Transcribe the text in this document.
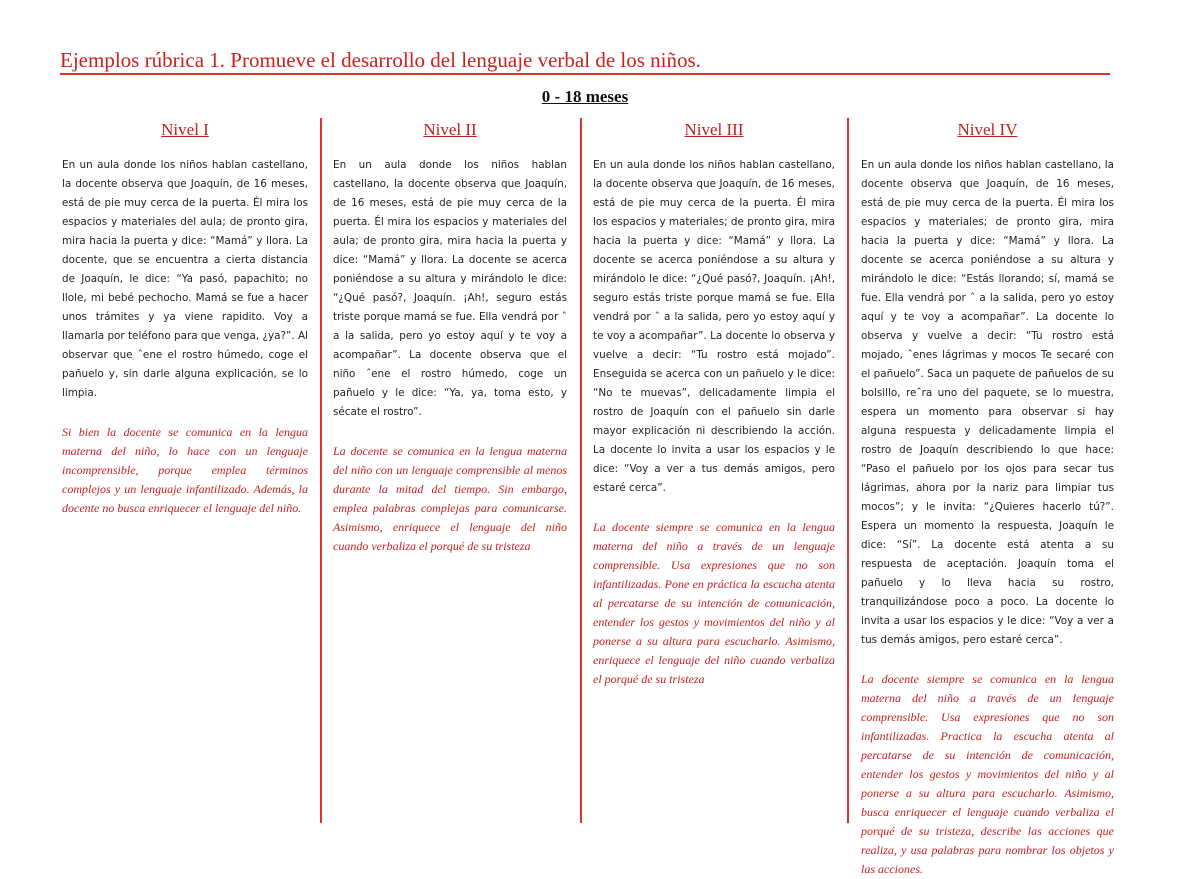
Ejemplos rúbrica 1. Promueve el desarrollo del lenguaje verbal de los niños.
0 - 18 meses
Nivel I

En un aula donde los niños hablan castellano, la docente observa que Joaquín, de 16 meses, está de pie muy cerca de la puerta. Él mira los espacios y materiales del aula; de pronto gira, mira hacia la puerta y dice: “Mamá” y llora. La docente, que se encuentra a cierta distancia de Joaquín, le dice: “Ya pasó, papachito; no llole, mi bebé pechocho. Mamá se fue a hacer unos trámites y ya viene rapidito. Voy a llamarla por teléfono para que venga, ¿ya?”. Al observar que ˆene el rostro húmedo, coge el pañuelo y, sin darle alguna explicación, se lo limpia.

Si bien la docente se comunica en la lengua materna del niño, lo hace con un lenguaje incomprensible, porque emplea términos complejos y un lenguaje infantilizado. Además, la docente no busca enriquecer el lenguaje del niño.

Nivel II

En un aula donde los niños hablan castellano, la docente observa que Joaquín, de 16 meses, está de pie muy cerca de la puerta. Él mira los espacios y materiales del aula; de pronto gira, mira hacia la puerta y dice: “Mamá” y llora. La docente se acerca poniéndose a su altura y mirándolo le dice: “¿Qué pasó?, Joaquín. ¡Ah!, seguro estás triste porque mamá se fue. Ella vendrá por ˆ a la salida, pero yo estoy aquí y te voy a acompañar”. La docente observa que el niño ˆene el rostro húmedo, coge un pañuelo y le dice: “Ya, ya, toma esto, y sécate el rostro”.

La docente se comunica en la lengua materna del niño con un lenguaje comprensible al menos durante la mitad del tiempo. Sin embargo, emplea palabras complejas para comunicarse. Asimismo, enriquece el lenguaje del niño cuando verbaliza el porqué de su tristeza

Nivel III

En un aula donde los niños hablan castellano, la docente observa que Joaquín, de 16 meses, está de pie muy cerca de la puerta. Él mira los espacios y materiales; de pronto gira, mira hacia la puerta y dice: “Mamá” y llora. La docente se acerca poniéndose a su altura y mirándolo le dice: “¿Qué pasó?, Joaquín. ¡Ah!, seguro estás triste porque mamá se fue. Ella vendrá por ˆ a la salida, pero yo estoy aquí y te voy a acompañar”. La docente lo observa y vuelve a decir: “Tu rostro está mojado”. Enseguida se acerca con un pañuelo y le dice: “No te muevas”, delicadamente limpia el rostro de Joaquín con el pañuelo sin darle mayor explicación ni describiendo la acción. La docente lo invita a usar los espacios y le dice: “Voy a ver a tus demás amigos, pero estaré cerca”.

La docente siempre se comunica en la lengua materna del niño a través de un lenguaje comprensible. Usa expresiones que no son infantilizadas. Pone en práctica la escucha atenta al percatarse de su intención de comunicación, entender los gestos y movimientos del niño y al ponerse a su altura para escucharlo. Asimismo, enriquece el lenguaje del niño cuando verbaliza el porqué de su tristeza

Nivel IV

En un aula donde los niños hablan castellano, la docente observa que Joaquín, de 16 meses, está de pie muy cerca de la puerta. Él mira los espacios y materiales; de pronto gira, mira hacia la puerta y dice: “Mamá” y llora. La docente se acerca poniéndose a su altura y mirándolo le dice: “Estás llorando; sí, mamá se fue. Ella vendrá por ˆ a la salida, pero yo estoy aquí y te voy a acompañar”. La docente lo observa y vuelve a decir: “Tu rostro está mojado, ˆenes lágrimas y mocos Te secaré con el pañuelo”. Saca un paquete de pañuelos de su bolsillo, reˆra uno del paquete, se lo muestra, espera un momento para observar si hay alguna respuesta y delicadamente limpia el rostro de Joaquín describiendo lo que hace: “Paso el pañuelo por los ojos para secar tus lágrimas, ahora por la nariz para limpiar tus mocos”; y le invita: “¿Quieres hacerlo tú?”. Espera un momento la respuesta, Joaquín le dice: “Sí”. La docente está atenta a su respuesta de aceptación. Joaquín toma el pañuelo y lo lleva hacia su rostro, tranquilizándose poco a poco. La docente lo invita a usar los espacios y le dice: “Voy a ver a tus demás amigos, pero estaré cerca”.

La docente siempre se comunica en la lengua materna del niño a través de un lenguaje comprensible. Usa expresiones que no son infantilizadas. Practica la escucha atenta al percatarse de su intención de comunicación, entender los gestos y movimientos del niño y al ponerse a su altura para escucharlo. Asimismo, busca enriquecer el lenguaje cuando verbaliza el porqué de su tristeza, describe las acciones que realiza, y usa palabras para nombrar los objetos y las acciones.
